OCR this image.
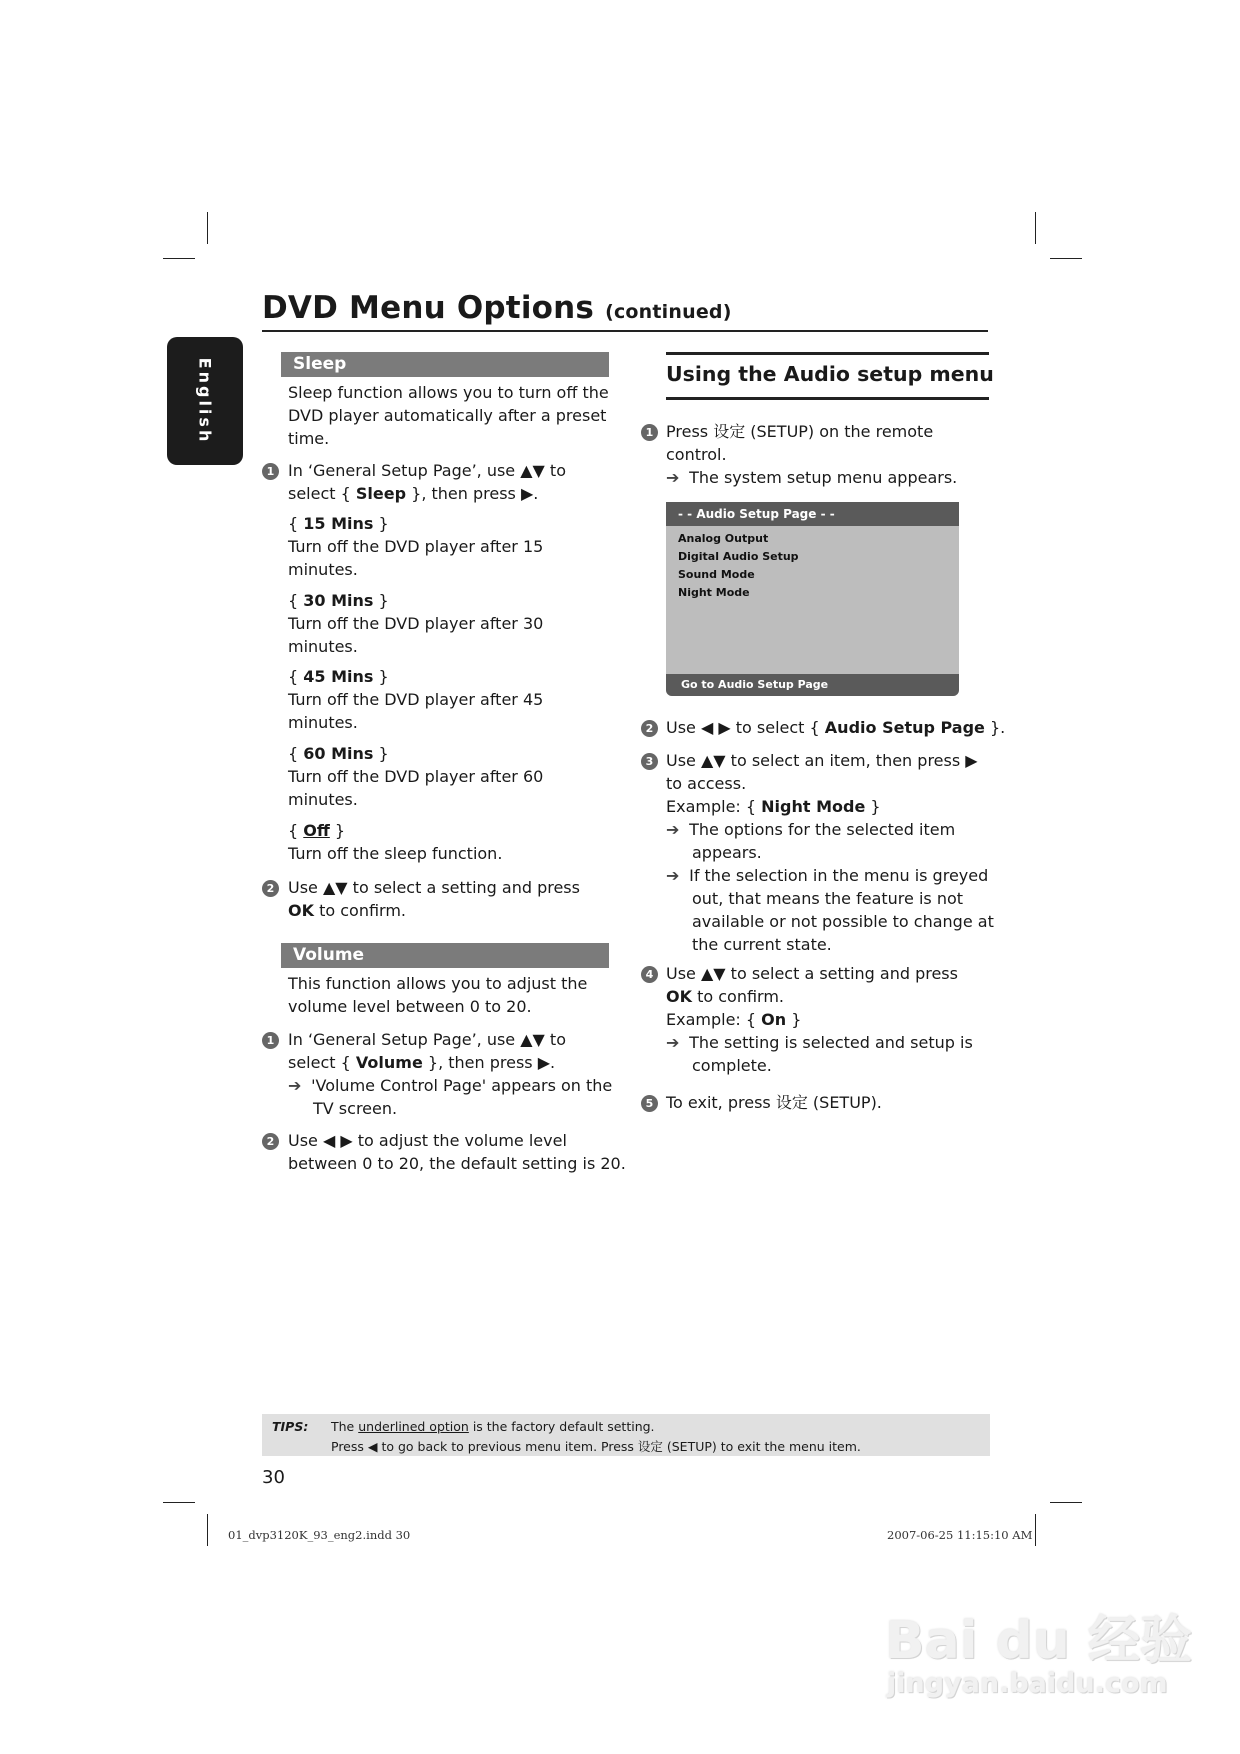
DVD Menu Options (continued)
English	Sleep
Sleep function allows you to turn off the
DVD player automatically after a preset
time.
1 In ‘General Setup Page’, use ▲▼ to
select { Sleep }, then press ▶.
{ 15 Mins }
Turn off the DVD player after 15
minutes.
{ 30 Mins }
Turn off the DVD player after 30
minutes.
{ 45 Mins }
Turn off the DVD player after 45
minutes.
{ 60 Mins }
Turn off the DVD player after 60
minutes.
{ Off }
Turn off the sleep function.
2 Use ▲▼ to select a setting and press
OK to confirm.
Volume
This function allows you to adjust the
volume level between 0 to 20.
1 In ‘General Setup Page’, use ▲▼ to
select { Volume }, then press ▶.
➔ 'Volume Control Page' appears on the
TV screen.
2 Use ◀ ▶ to adjust the volume level
between 0 to 20, the default setting is 20.
Using the Audio setup menu
1 Press 设定 (SETUP) on the remote
control.
➔ The system setup menu appears.
- - Audio Setup Page - -
Analog Output
Digital Audio Setup
Sound Mode
Night Mode
Go to Audio Setup Page
2 Use ◀ ▶ to select { Audio Setup Page }.
3 Use ▲▼ to select an item, then press ▶
to access.
Example: { Night Mode }
➔ The options for the selected item
appears.
➔ If the selection in the menu is greyed
out, that means the feature is not
available or not possible to change at
the current state.
4 Use ▲▼ to select a setting and press
OK to confirm.
Example: { On }
➔ The setting is selected and setup is
complete.
5 To exit, press 设定 (SETUP).
TIPS: The underlined option is the factory default setting.
Press ◀ to go back to previous menu item. Press 设定 (SETUP) to exit the menu item.
30
01_dvp3120K_93_eng2.indd 30	2007-06-25 11:15:10 AM
Bai du 经验
jingyan.baidu.com
